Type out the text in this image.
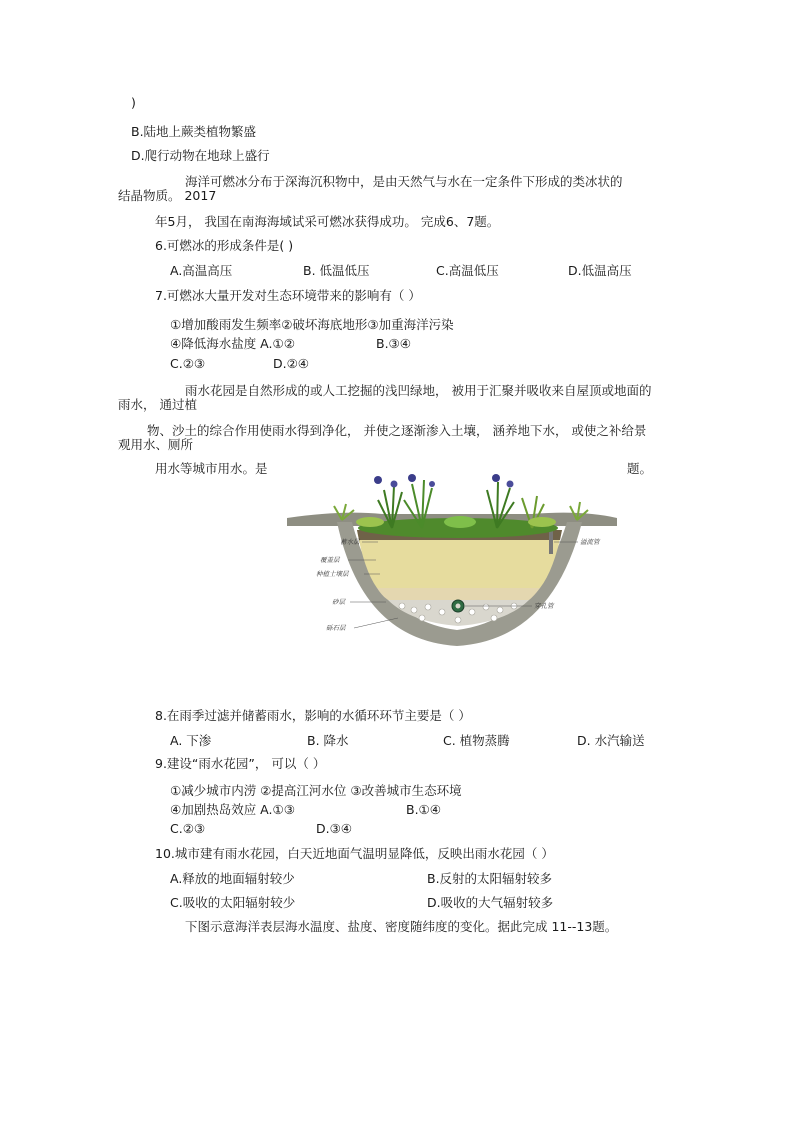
)
B.陆地上蕨类植物繁盛
D.爬行动物在地球上盛行
海洋可燃冰分布于深海沉积物中，是由天然气与水在一定条件下形成的类冰状的
结晶物质。 2017
年5月， 我国在南海海域试采可燃冰获得成功。 完成6、7题。
6.可燃冰的形成条件是( )
A.高温高压	B. 低温低压	C.高温低压	D.低温高压
7.可燃冰大量开发对生态环境带来的影响有（ ）
①增加酸雨发生频率②破坏海底地形③加重海洋污染
④降低海水盐度 A.①②	B.③④
C.②③	D.②④
雨水花园是自然形成的或人工挖掘的浅凹绿地， 被用于汇聚并吸收来自屋顶或地面的
雨水， 通过植
物、沙土的综合作用使雨水得到净化， 并使之逐渐渗入土壤， 涵养地下水， 或使之补给景
观用水、厕所
用水等城市用水。是	题。
蓄水层
覆盖层
种植土壤层
砂层
砾石层
溢流管
穿孔管
8.在雨季过滤并储蓄雨水，影响的水循环环节主要是（ ）
A. 下渗	B. 降水	C. 植物蒸腾	D. 水汽输送
9.建设“雨水花园”， 可以（ ）
①减少城市内涝 ②提高江河水位 ③改善城市生态环境
④加剧热岛效应 A.①③	B.①④
C.②③	D.③④
10.城市建有雨水花园，白天近地面气温明显降低，反映出雨水花园（ ）
A.释放的地面辐射较少	B.反射的太阳辐射较多
C.吸收的太阳辐射较少	D.吸收的大气辐射较多
下图示意海洋表层海水温度、盐度、密度随纬度的变化。据此完成 11--13题。
